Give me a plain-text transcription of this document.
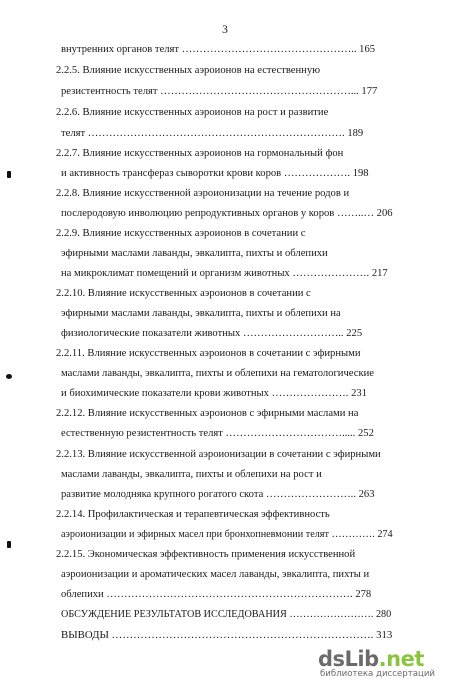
3
внутренних органов телят ………………………………………….. 165
2.2.5. Влияние искусственных аэроионов на естественную
резистентность телят ………………………………………………... 177
2.2.6. Влияние искусственных аэроионов на рост и развитие
телят ………………………………………………………………. 189
2.2.7. Влияние искусственных аэроионов на гормональный фон
и активность трансфераз сыворотки крови коров ………………. 198
2.2.8. Влияние искусственной аэроионизации на течение родов и
послеродовую инволюцию репродуктивных органов у коров ……..… 206
2.2.9. Влияние искусственных аэроионов в сочетании с
эфирными маслами лаванды, эвкалипта, пихты и облепихи
на микроклимат помещений и организм животных …………………. 217
2.2.10. Влияние искусственных аэроионов в сочетании с
эфирными маслами лаванды, эвкалипта, пихты и облепихи на
физиологические показатели животных ……………………….. 225
2.2.11. Влияние искусственных аэроионов в сочетании с эфирными
маслами лаванды, эвкалипта, пихты и облепихи на гематологические
и биохимические показатели крови животных …………………. 231
2.2.12. Влияние искусственных аэроионов с эфирными маслами на
естественную резистентность телят ……………………………..... 252
2.2.13. Влияние искусственной аэроионизации в сочетании с эфирными
маслами лаванды, эвкалипта, пихты и облепихи на рост и
развитие молодняка крупного рогатого скота …………………….. 263
2.2.14. Профилактическая и терапевтическая эффективность
аэроионизации и эфирных масел при бронхопневмонии телят …………. 274
2.2.15. Экономическая эффективность применения искусственной
аэроионизации и ароматических масел лаванды, эвкалипта, пихты и
облепихи ……………………………………………………………. 278
ОБСУЖДЕНИЕ РЕЗУЛЬТАТОВ ИССЛЕДОВАНИЯ ……………………. 280
ВЫВОДЫ ………………………………………………………………. 313
dsLib.net
библиотека диссертаций
